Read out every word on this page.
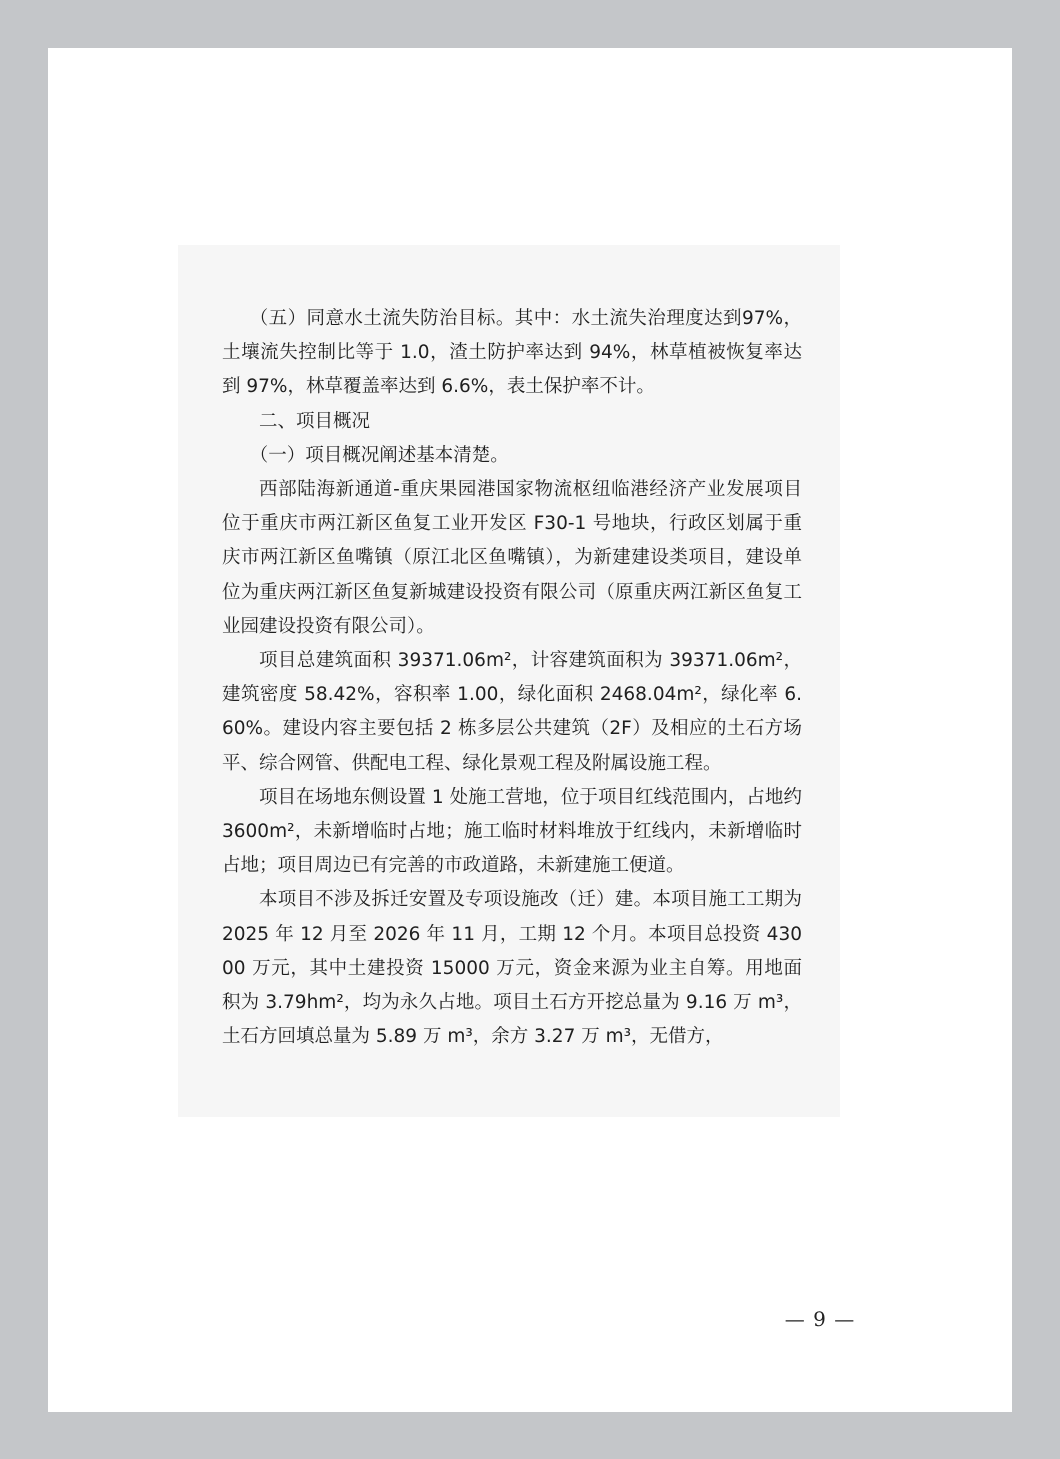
（五）同意水土流失防治目标。其中：水土流失治理度达到97%，土壤流失控制比等于 1.0，渣土防护率达到 94%，林草植被恢复率达到 97%，林草覆盖率达到 6.6%，表土保护率不计。

二、项目概况

（一）项目概况阐述基本清楚。

西部陆海新通道-重庆果园港国家物流枢纽临港经济产业发展项目位于重庆市两江新区鱼复工业开发区 F30-1 号地块，行政区划属于重庆市两江新区鱼嘴镇（原江北区鱼嘴镇），为新建建设类项目，建设单位为重庆两江新区鱼复新城建设投资有限公司（原重庆两江新区鱼复工业园建设投资有限公司）。

项目总建筑面积 39371.06m²，计容建筑面积为 39371.06m²，建筑密度 58.42%，容积率 1.00，绿化面积 2468.04m²，绿化率 6.60%。建设内容主要包括 2 栋多层公共建筑（2F）及相应的土石方场平、综合网管、供配电工程、绿化景观工程及附属设施工程。

项目在场地东侧设置 1 处施工营地，位于项目红线范围内，占地约 3600m²，未新增临时占地；施工临时材料堆放于红线内，未新增临时占地；项目周边已有完善的市政道路，未新建施工便道。

本项目不涉及拆迁安置及专项设施改（迁）建。本项目施工工期为 2025 年 12 月至 2026 年 11 月，工期 12 个月。本项目总投资 43000 万元，其中土建投资 15000 万元，资金来源为业主自筹。用地面积为 3.79hm²，均为永久占地。项目土石方开挖总量为 9.16 万 m³，土石方回填总量为 5.89 万 m³，余方 3.27 万 m³，无借方，

— 9 —
